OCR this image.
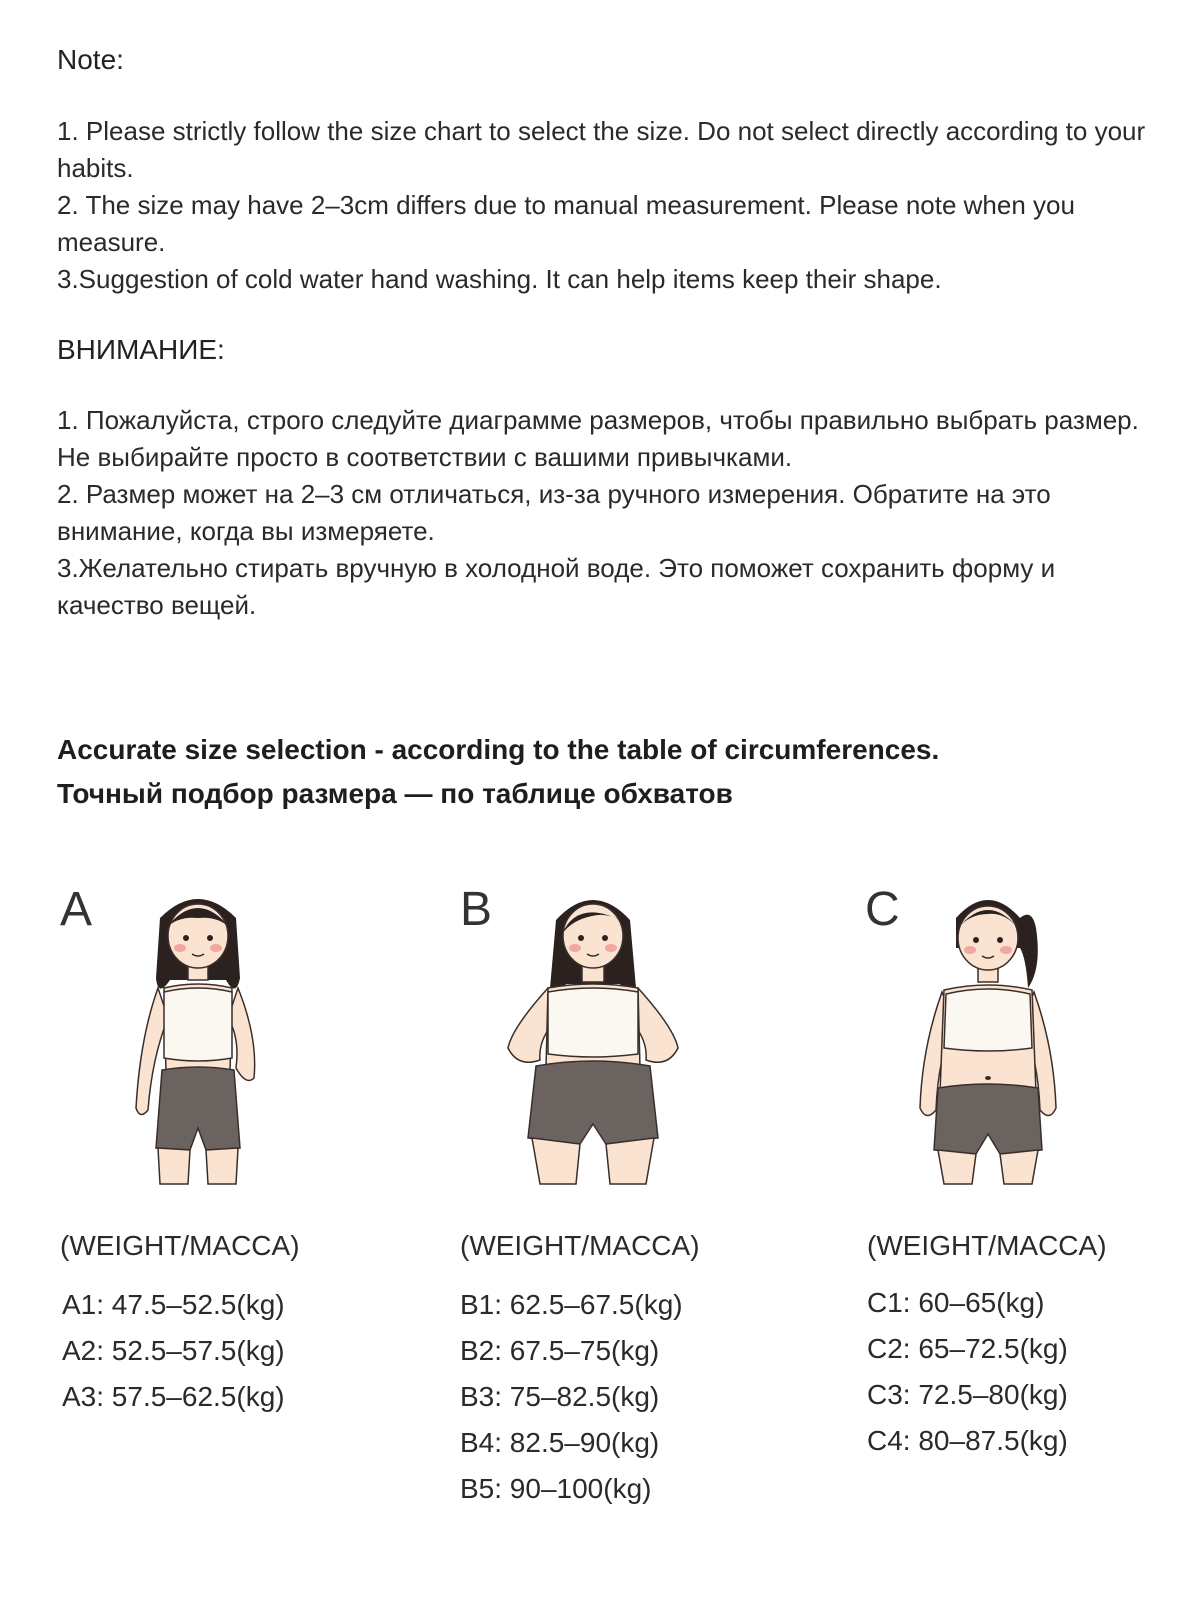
Note:

1. Please strictly follow the size chart to select the size. Do not select directly according to your habits.

2. The size may have 2–3cm differs due to manual measurement. Please note when you measure.

3.Suggestion of cold water hand washing. It can help items keep their shape.

ВНИМАНИЕ:

1. Пожалуйста, строго следуйте диаграмме размеров, чтобы правильно выбрать размер. Не выбирайте просто в соответствии с вашими привычками.

2. Размер может на 2–3 см отличаться, из-за ручного измерения. Обратите на это внимание, когда вы измеряете.

3.Желательно стирать вручную в холодной воде. Это поможет сохранить форму и качество вещей.

Accurate size selection - according to the table of circumferences.

Точный подбор размера — по таблице обхватов

A	B	C
(WEIGHT/MACCA)	(WEIGHT/MACCA)	(WEIGHT/MACCA)
A1: 47.5–52.5(kg)
A2: 52.5–57.5(kg)
A3: 57.5–62.5(kg)
B1: 62.5–67.5(kg)
B2: 67.5–75(kg)
B3: 75–82.5(kg)
B4: 82.5–90(kg)
B5: 90–100(kg)
C1: 60–65(kg)
C2: 65–72.5(kg)
C3: 72.5–80(kg)
C4: 80–87.5(kg)
